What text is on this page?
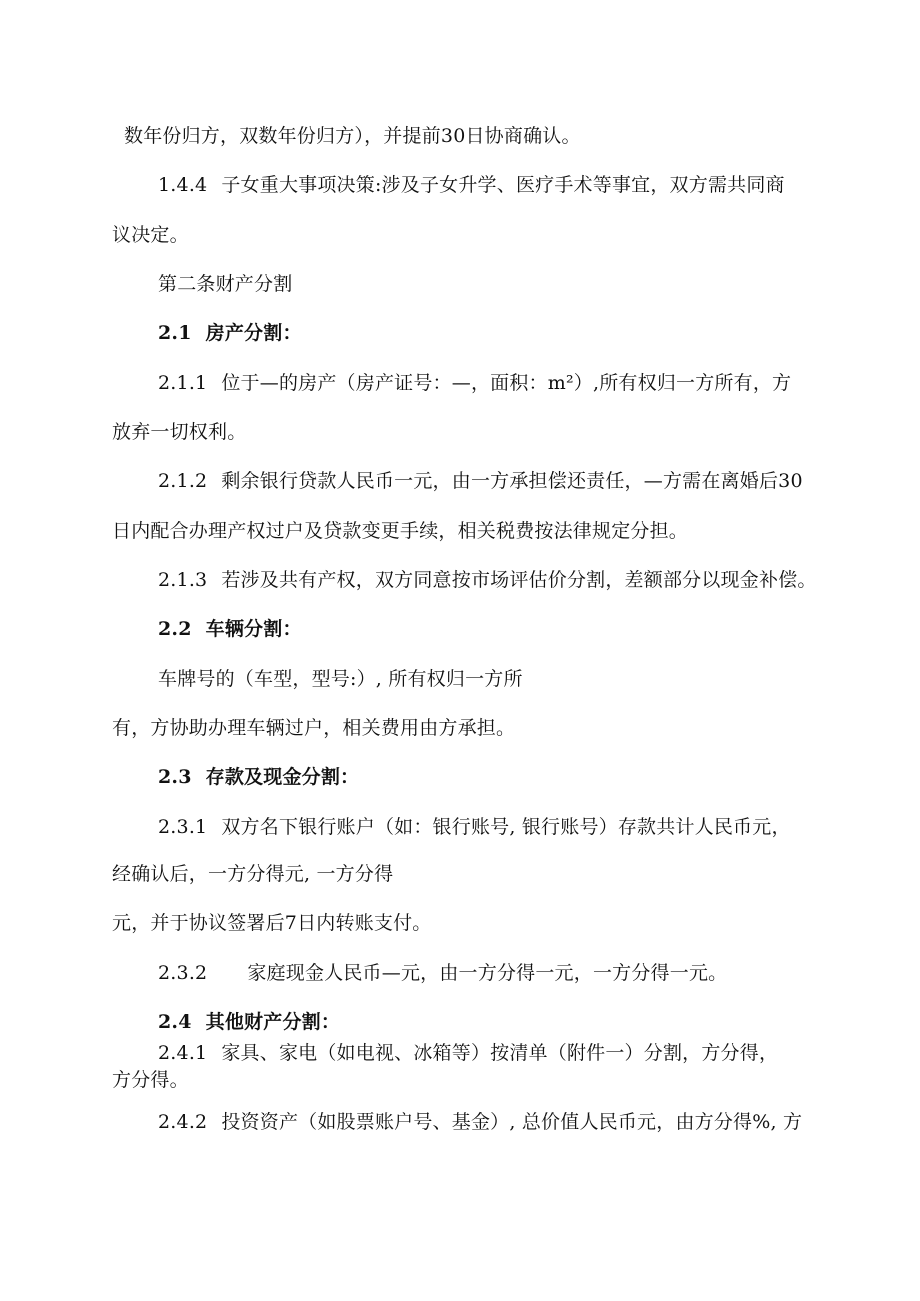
数年份归方，双数年份归方），并提前30日协商确认。
1.4.4 子女重大事项决策:涉及子女升学、医疗手术等事宜，双方需共同商
议决定。
第二条财产分割
2.1 房产分割：
2.1.1 位于—的房产（房产证号：—，面积：m²）,所有权归一方所有，方
放弃一切权利。
2.1.2 剩余银行贷款人民币一元，由一方承担偿还责任，—方需在离婚后30
日内配合办理产权过户及贷款变更手续，相关税费按法律规定分担。
2.1.3 若涉及共有产权，双方同意按市场评估价分割，差额部分以现金补偿。
2.2 车辆分割：
车牌号的（车型，型号:）, 所有权归一方所
有，方协助办理车辆过户，相关费用由方承担。
2.3 存款及现金分割：
2.3.1 双方名下银行账户（如：银行账号, 银行账号）存款共计人民币元，
经确认后，一方分得元, 一方分得
元，并于协议签署后7日内转账支付。
2.3.2 家庭现金人民币—元，由一方分得一元，一方分得一元。
2.4 其他财产分割：
2.4.1 家具、家电（如电视、冰箱等）按清单（附件一）分割，方分得，
方分得。
2.4.2 投资资产（如股票账户号、基金）, 总价值人民币元，由方分得%, 方
